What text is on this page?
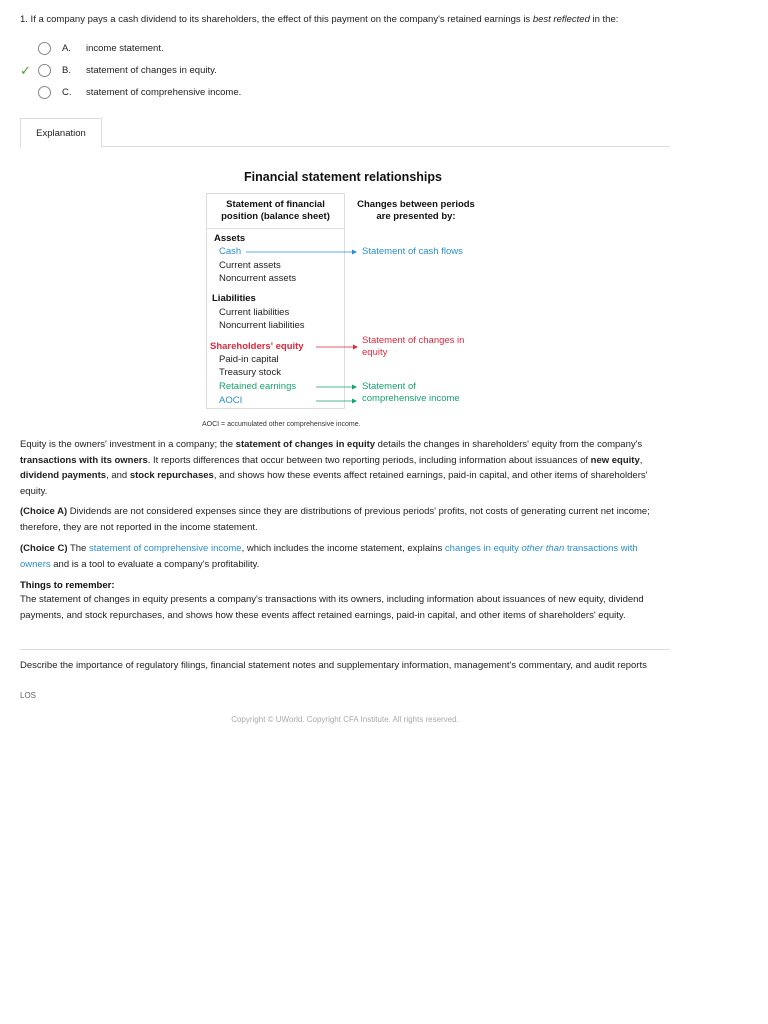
1. If a company pays a cash dividend to its shareholders, the effect of this payment on the company's retained earnings is best reflected in the:
A.	income statement.
✓	B.	statement of changes in equity.
C.	statement of comprehensive income.
Explanation
Financial statement relationships
Statement of financial
position (balance sheet)
Changes between periods
are presented by:
Assets
Cash
Current assets
Noncurrent assets
Liabilities
Current liabilities
Noncurrent liabilities
Shareholders' equity
Paid-in capital
Treasury stock
Retained earnings
AOCI
Statement of cash flows
Statement of changes in
equity
Statement of
comprehensive income
AOCI = accumulated other comprehensive income.
Equity is the owners' investment in a company; the statement of changes in equity details the changes in shareholders' equity from the company's transactions with its owners. It reports differences that occur between two reporting periods, including information about issuances of new equity, dividend payments, and stock repurchases, and shows how these events affect retained earnings, paid-in capital, and other items of shareholders' equity.
(Choice A) Dividends are not considered expenses since they are distributions of previous periods' profits, not costs of generating current net income; therefore, they are not reported in the income statement.
(Choice C) The statement of comprehensive income, which includes the income statement, explains changes in equity other than transactions with owners and is a tool to evaluate a company's profitability.
Things to remember:
The statement of changes in equity presents a company's transactions with its owners, including information about issuances of new equity, dividend payments, and stock repurchases, and shows how these events affect retained earnings, paid-in capital, and other items of shareholders' equity.
Describe the importance of regulatory filings, financial statement notes and supplementary information, management's commentary, and audit reports
LOS
Copyright © UWorld. Copyright CFA Institute. All rights reserved.
